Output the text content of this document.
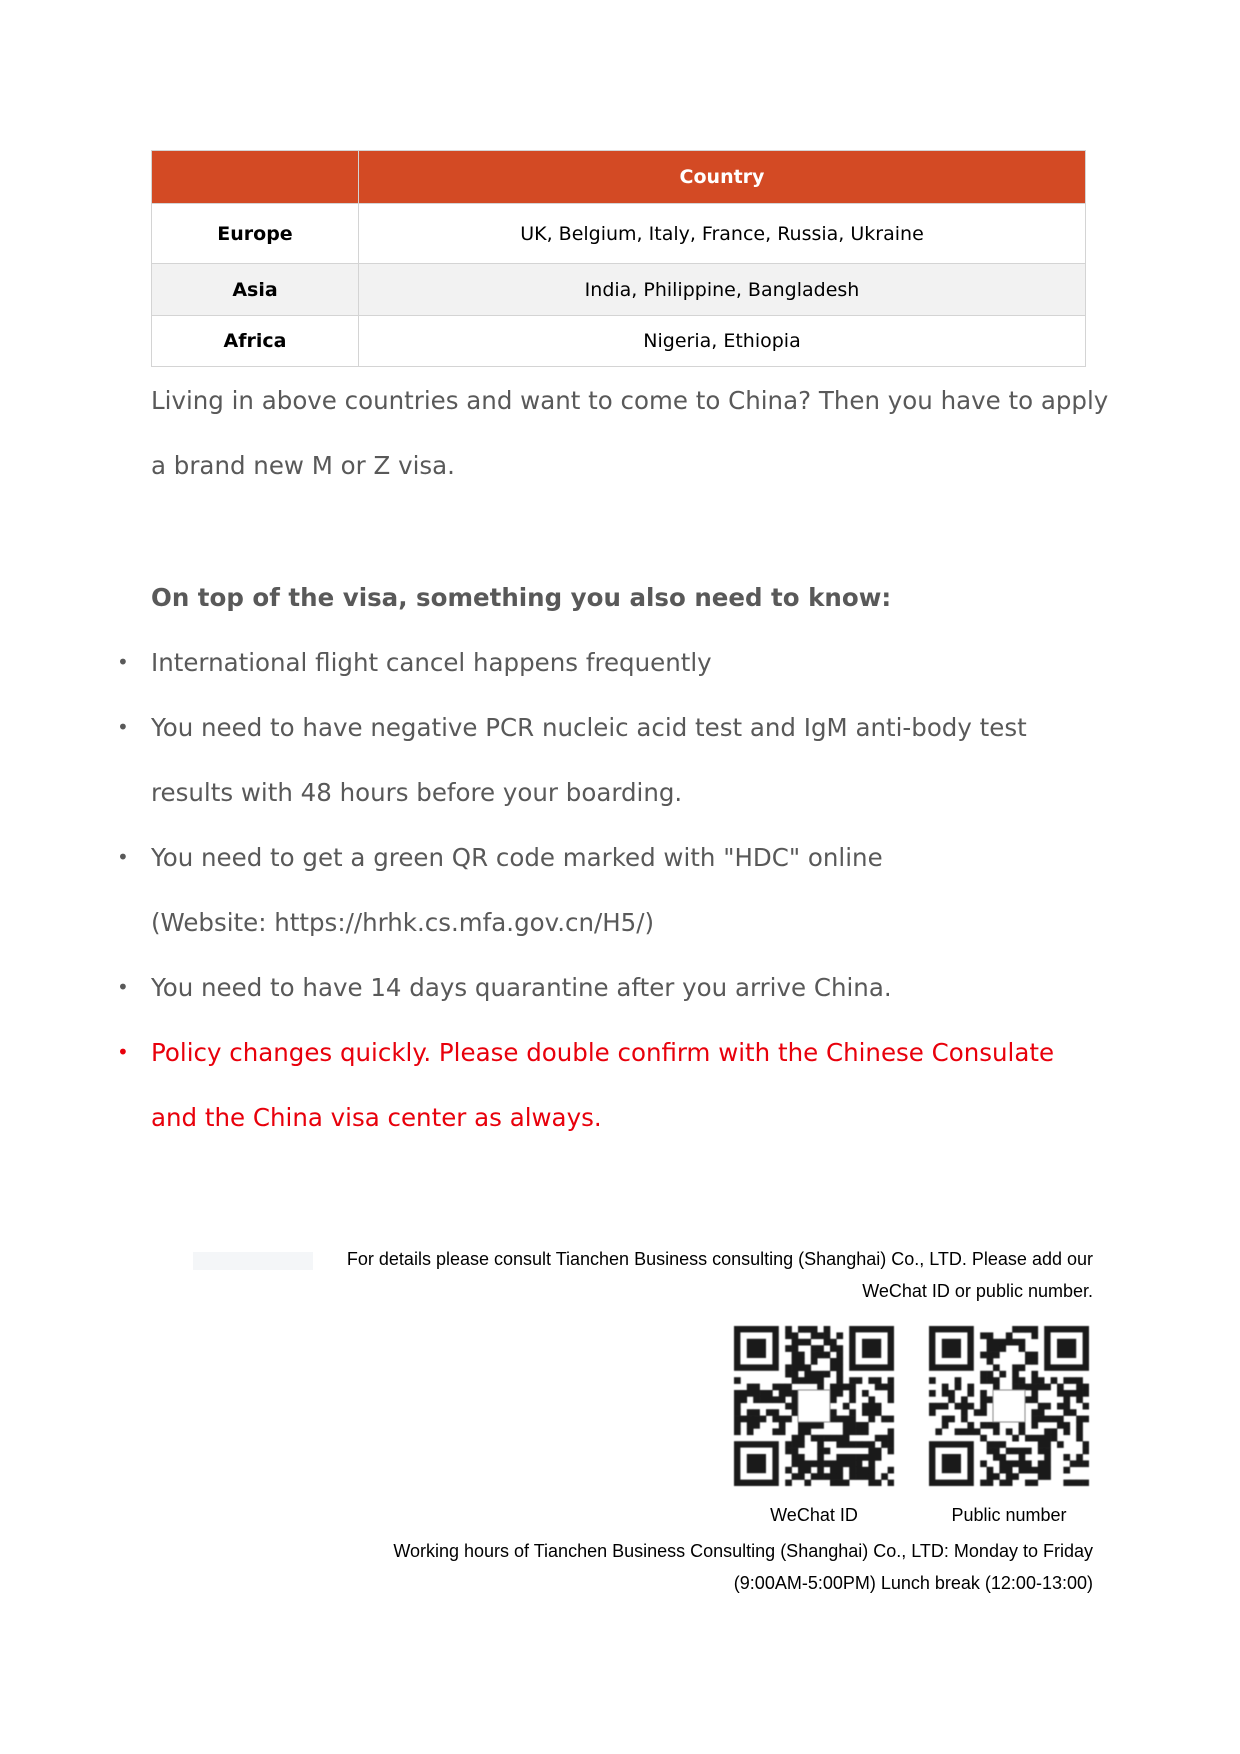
	Country
Europe	UK, Belgium, Italy, France, Russia, Ukraine
Asia	India, Philippine, Bangladesh
Africa	Nigeria, Ethiopia
Living in above countries and want to come to China? Then you have to apply
a brand new M or Z visa.

On top of the visa, something you also need to know:

• International flight cancel happens frequently
• You need to have negative PCR nucleic acid test and IgM anti-body test
results with 48 hours before your boarding.
• You need to get a green QR code marked with "HDC" online
(Website: https://hrhk.cs.mfa.gov.cn/H5/)
• You need to have 14 days quarantine after you arrive China.
• Policy changes quickly. Please double confirm with the Chinese Consulate
and the China visa center as always.
For details please consult Tianchen Business consulting (Shanghai) Co., LTD. Please add our
WeChat ID or public number.
WeChat ID	Public number
Working hours of Tianchen Business Consulting (Shanghai) Co., LTD: Monday to Friday
(9:00AM-5:00PM) Lunch break (12:00-13:00)
